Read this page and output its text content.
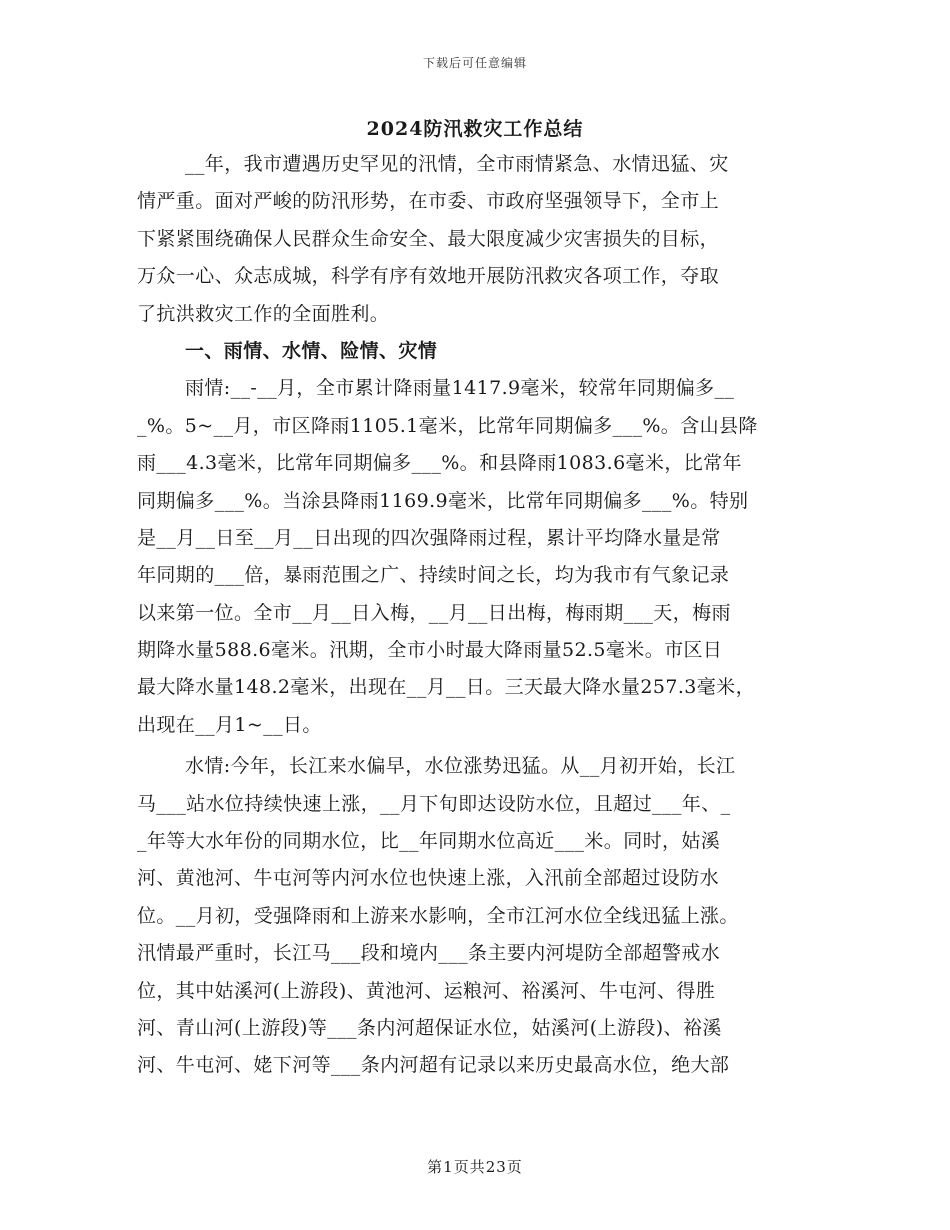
下载后可任意编辑
2024防汛救灾工作总结
__年，我市遭遇历史罕见的汛情，全市雨情紧急、水情迅猛、灾
情严重。面对严峻的防汛形势，在市委、市政府坚强领导下，全市上
下紧紧围绕确保人民群众生命安全、最大限度减少灾害损失的目标，
万众一心、众志成城，科学有序有效地开展防汛救灾各项工作，夺取
了抗洪救灾工作的全面胜利。
一、雨情、水情、险情、灾情
雨情:__-__月，全市累计降雨量1417.9毫米，较常年同期偏多__
_%。5~__月，市区降雨1105.1毫米，比常年同期偏多___%。含山县降
雨___4.3毫米，比常年同期偏多___%。和县降雨1083.6毫米，比常年
同期偏多___%。当涂县降雨1169.9毫米，比常年同期偏多___%。特别
是__月__日至__月__日出现的四次强降雨过程，累计平均降水量是常
年同期的___倍，暴雨范围之广、持续时间之长，均为我市有气象记录
以来第一位。全市__月__日入梅，__月__日出梅，梅雨期___天，梅雨
期降水量588.6毫米。汛期，全市小时最大降雨量52.5毫米。市区日
最大降水量148.2毫米，出现在__月__日。三天最大降水量257.3毫米，
出现在__月1~__日。
水情:今年，长江来水偏早，水位涨势迅猛。从__月初开始，长江
马___站水位持续快速上涨，__月下旬即达设防水位，且超过___年、_
_年等大水年份的同期水位，比__年同期水位高近___米。同时，姑溪
河、黄池河、牛屯河等内河水位也快速上涨，入汛前全部超过设防水
位。__月初，受强降雨和上游来水影响，全市江河水位全线迅猛上涨。
汛情最严重时，长江马___段和境内___条主要内河堤防全部超警戒水
位，其中姑溪河(上游段)、黄池河、运粮河、裕溪河、牛屯河、得胜
河、青山河(上游段)等___条内河超保证水位，姑溪河(上游段)、裕溪
河、牛屯河、姥下河等___条内河超有记录以来历史最高水位，绝大部
第1页共23页
